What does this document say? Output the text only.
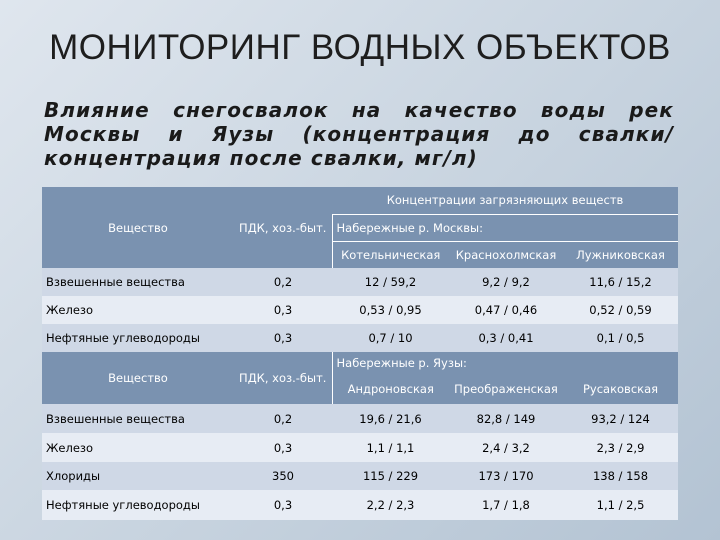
МОНИТОРИНГ ВОДНЫХ ОБЪЕКТОВ
Влияние снегосвалок на качество воды рек Москвы и Яузы (концентрация до свалки/концентрация после свалки, мг/л)
Вещество		Концентрации загрязняющих веществ		
	ПДК, хоз.-быт.	Набережные р. Москвы:		
		Котельническая	Краснохолмская	Лужниковская
Взвешенные вещества	0,2	12 / 59,2	9,2 / 9,2	11,6 / 15,2
Железо	0,3	0,53 / 0,95	0,47 / 0,46	0,52 / 0,59
Нефтяные углеводороды	0,3	0,7 / 10	0,3 / 0,41	0,1 / 0,5
Вещество	ПДК, хоз.-быт.	Набережные р. Яузы:		
		Андроновская	Преображенская	Русаковская
Взвешенные вещества	0,2	19,6 / 21,6	82,8 / 149	93,2 / 124
Железо	0,3	1,1 / 1,1	2,4 / 3,2	2,3 / 2,9
Хлориды	350	115 / 229	173 / 170	138 / 158
Нефтяные углеводороды	0,3	2,2 / 2,3	1,7 / 1,8	1,1 / 2,5
